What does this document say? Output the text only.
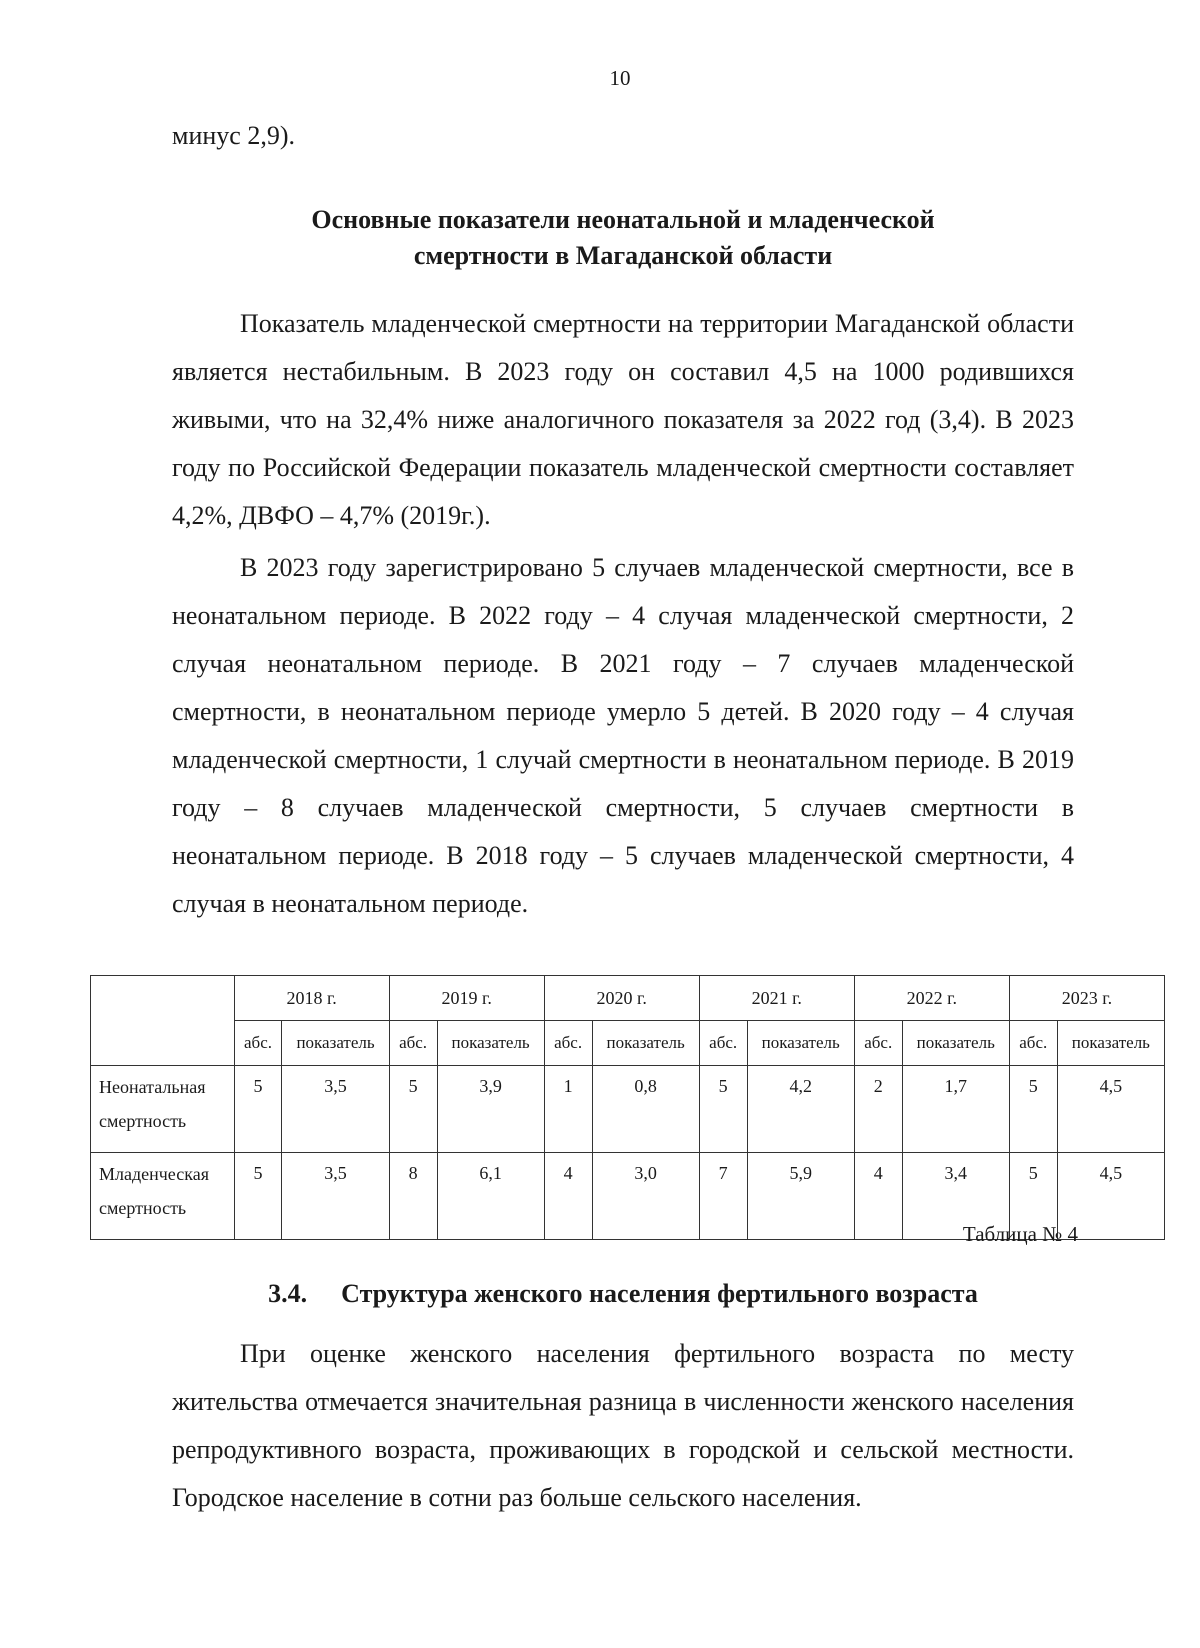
10
минус 2,9).
Основные показатели неонатальной и младенческой
смертности в Магаданской области

Показатель младенческой смертности на территории Магаданской области является нестабильным. В 2023 году он составил 4,5 на 1000 родившихся живыми, что на 32,4% ниже аналогичного показателя за 2022 год (3,4). В 2023 году по Российской Федерации показатель младенческой смертности составляет 4,2%, ДВФО – 4,7% (2019г.).

В 2023 году зарегистрировано 5 случаев младенческой смертности, все в неонатальном периоде. В 2022 году – 4 случая младенческой смертности, 2 случая неонатальном периоде. В 2021 году – 7 случаев младенческой смертности, в неонатальном периоде умерло 5 детей. В 2020 году – 4 случая младенческой смертности, 1 случай смертности в неонатальном периоде. В 2019 году – 8 случаев младенческой смертности, 5 случаев смертности в неонатальном периоде. В 2018 году – 5 случаев младенческой смертности, 4 случая в неонатальном периоде.

	2018 г.		2019 г.		2020 г.		2021 г.		2022 г.		2023 г.	
	абс.	показатель	абс.	показатель	абс.	показатель	абс.	показатель	абс.	показатель	абс.	показатель
Неонатальная смертность	5	3,5	5	3,9	1	0,8	5	4,2	2	1,7	5	4,5
Младенческая смертность	5	3,5	8	6,1	4	3,0	7	5,9	4	3,4	5	4,5
Таблица № 4
3.4. Структура женского населения фертильного возраста

При оценке женского населения фертильного возраста по месту жительства отмечается значительная разница в численности женского населения репродуктивного возраста, проживающих в городской и сельской местности. Городское население в сотни раз больше сельского населения.
